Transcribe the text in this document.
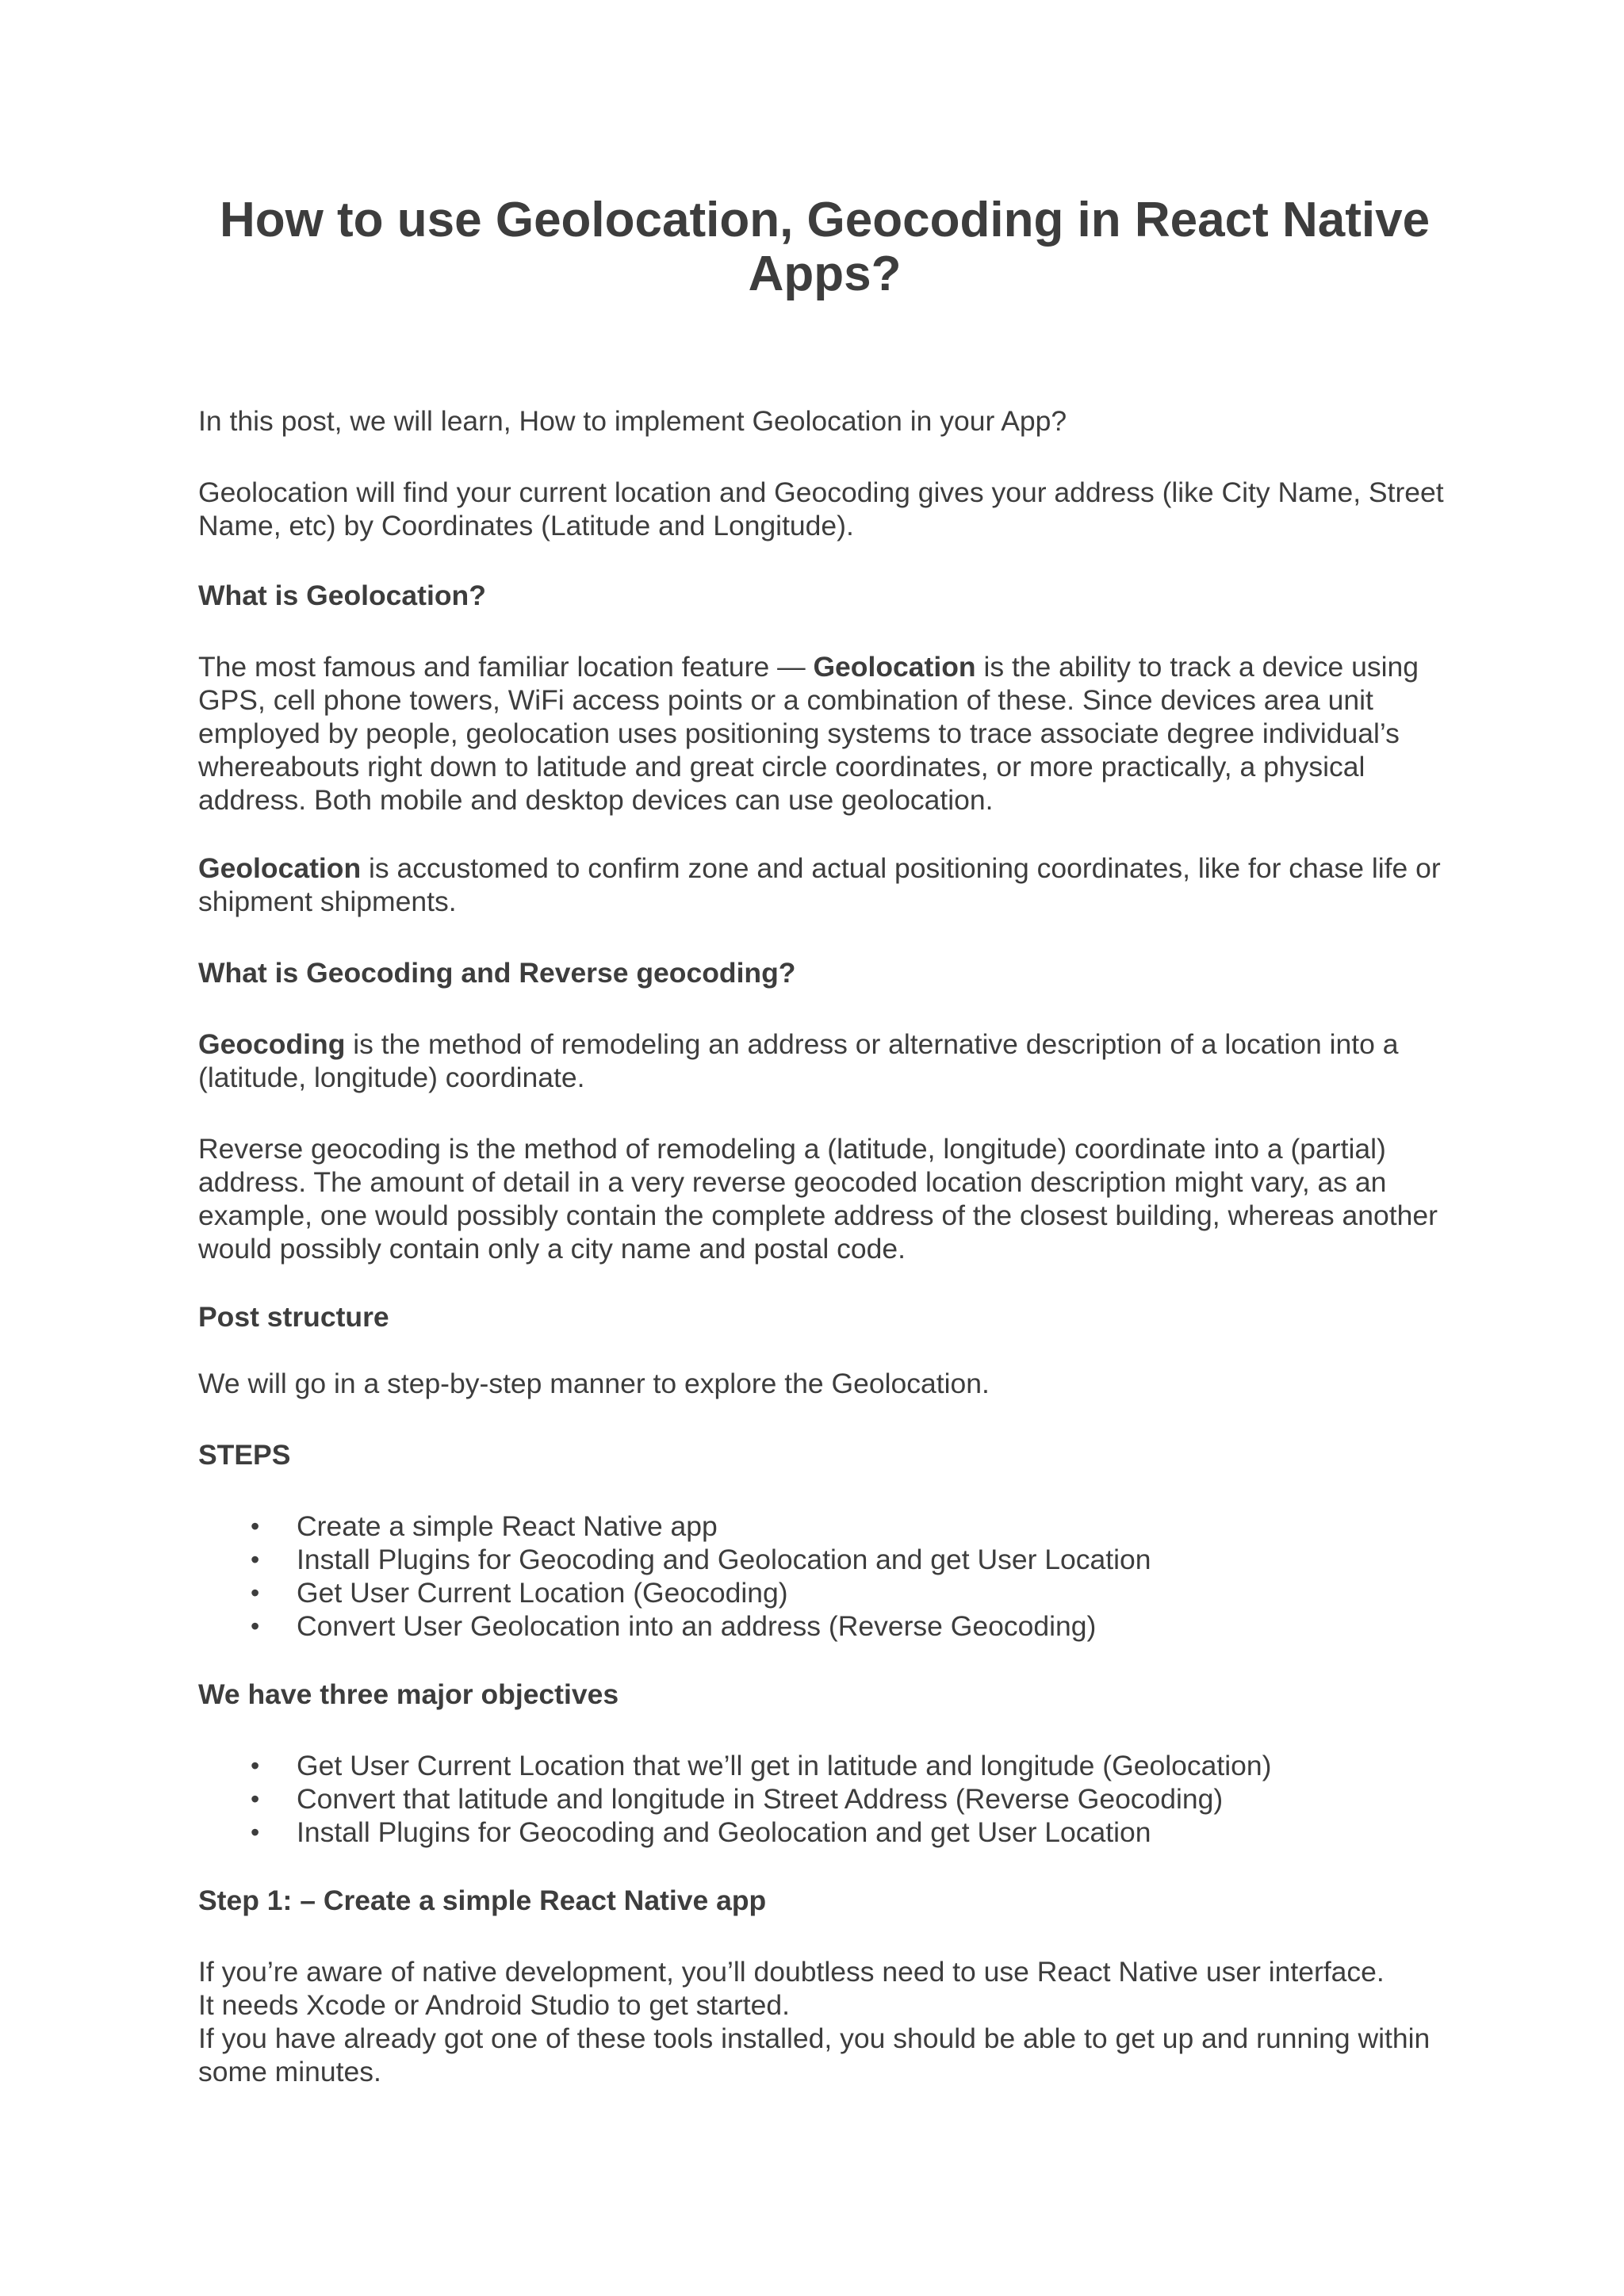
How to use Geolocation, Geocoding in React Native Apps?

In this post, we will learn, How to implement Geolocation in your App?

Geolocation will find your current location and Geocoding gives your address (like City Name, Street Name, etc) by Coordinates (Latitude and Longitude).

What is Geolocation?

The most famous and familiar location feature — Geolocation is the ability to track a device using GPS, cell phone towers, WiFi access points or a combination of these. Since devices area unit employed by people, geolocation uses positioning systems to trace associate degree individual’s whereabouts right down to latitude and great circle coordinates, or more practically, a physical address. Both mobile and desktop devices can use geolocation.

Geolocation is accustomed to confirm zone and actual positioning coordinates, like for chase life or shipment shipments.

What is Geocoding and Reverse geocoding?

Geocoding is the method of remodeling an address or alternative description of a location into a (latitude, longitude) coordinate.

Reverse geocoding is the method of remodeling a (latitude, longitude) coordinate into a (partial) address. The amount of detail in a very reverse geocoded location description might vary, as an example, one would possibly contain the complete address of the closest building, whereas another would possibly contain only a city name and postal code.

Post structure

We will go in a step-by-step manner to explore the Geolocation.

STEPS

• Create a simple React Native app
• Install Plugins for Geocoding and Geolocation and get User Location
• Get User Current Location (Geocoding)
• Convert User Geolocation into an address (Reverse Geocoding)

We have three major objectives

• Get User Current Location that we’ll get in latitude and longitude (Geolocation)
• Convert that latitude and longitude in Street Address (Reverse Geocoding)
• Install Plugins for Geocoding and Geolocation and get User Location

Step 1: – Create a simple React Native app

If you’re aware of native development, you’ll doubtless need to use React Native user interface.
It needs Xcode or Android Studio to get started.
If you have already got one of these tools installed, you should be able to get up and running within some minutes.
